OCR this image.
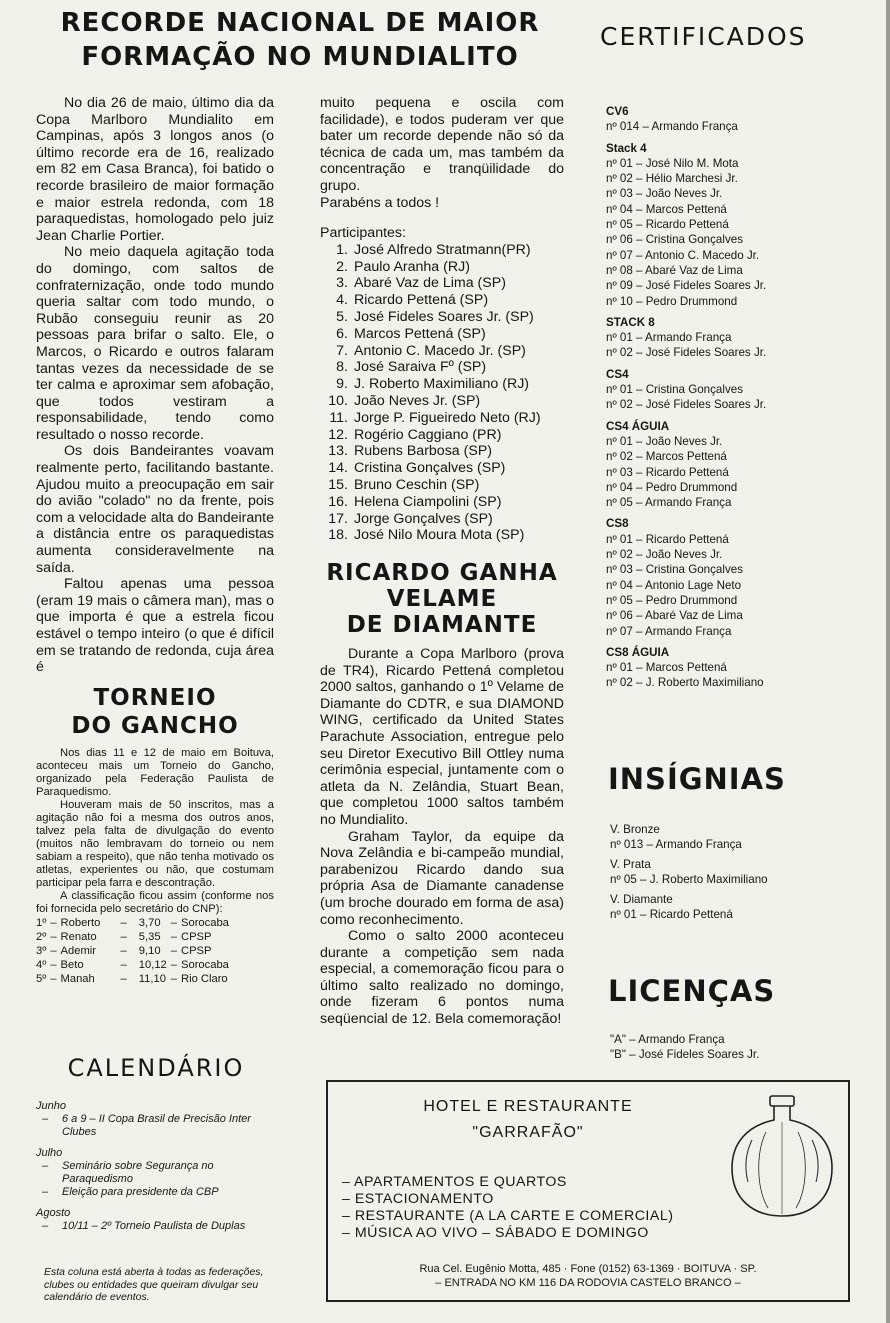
RECORDE NACIONAL DE MAIOR
FORMAÇÃO NO MUNDIALITO
CERTIFICADOS

No dia 26 de maio, último dia da Copa Marlboro Mundialito em Campinas, após 3 longos anos (o último recorde era de 16, realizado em 82 em Casa Branca), foi batido o recorde brasileiro de maior formação e maior estrela redonda, com 18 paraquedistas, homologado pelo juiz Jean Charlie Portier.

No meio daquela agitação toda do domingo, com saltos de confraternização, onde todo mundo queria saltar com todo mundo, o Rubão conseguiu reunir as 20 pessoas para brifar o salto. Ele, o Marcos, o Ricardo e outros falaram tantas vezes da necessidade de se ter calma e aproximar sem afobação, que todos vestiram a responsabilidade, tendo como resultado o nosso recorde.

Os dois Bandeirantes voavam realmente perto, facilitando bastante. Ajudou muito a preocupação em sair do avião "colado" no da frente, pois com a velocidade alta do Bandeirante a distância entre os paraquedistas aumenta consideravelmente na saída.

Faltou apenas uma pessoa (eram 19 mais o câmera man), mas o que importa é que a estrela ficou estável o tempo inteiro (o que é difícil em se tratando de redonda, cuja área é

TORNEIO
DO GANCHO

Nos dias 11 e 12 de maio em Boituva, aconteceu mais um Torneio do Gancho, organizado pela Federação Paulista de Paraquedismo.

Houveram mais de 50 inscritos, mas a agitação não foi a mesma dos outros anos, talvez pela falta de divulgação do evento (muitos não lembravam do torneio ou nem sabiam a respeito), que não tenha motivado os atletas, experientes ou não, que costumam participar pela farra e descontração.

A classificação ficou assim (conforme nos foi fornecida pelo secretário do CNP):

1º	–	Roberto	–	3,70	–	Sorocaba
2º	–	Renato	–	5,35	–	CPSP
3º	–	Ademir	–	9,10	–	CPSP
4º	–	Beto	–	10,12	–	Sorocaba
5º	–	Manah	–	11,10	–	Rio Claro
CALENDÁRIO
Junho
–	6 a 9 – II Copa Brasil de Precisão Inter Clubes
Julho
–	Seminário sobre Segurança no Paraquedismo
–	Eleição para presidente da CBP
Agosto
–	10/11 – 2º Torneio Paulista de Duplas
Esta coluna está aberta à todas as federações, clubes ou entidades que queiram divulgar seu calendário de eventos.

muito pequena e oscila com facilidade), e todos puderam ver que bater um recorde depende não só da técnica de cada um, mas também da concentração e tranqüilidade do grupo.

Parabéns a todos !

Participantes:

1. José Alfredo Stratmann(PR)
2. Paulo Aranha (RJ)
3. Abaré Vaz de Lima (SP)
4. Ricardo Pettená (SP)
5. José Fideles Soares Jr. (SP)
6. Marcos Pettená (SP)
7. Antonio C. Macedo Jr. (SP)
8. José Saraiva Fº (SP)
9. J. Roberto Maximiliano (RJ)
10. João Neves Jr. (SP)
11. Jorge P. Figueiredo Neto (RJ)
12. Rogério Caggiano (PR)
13. Rubens Barbosa (SP)
14. Cristina Gonçalves (SP)
15. Bruno Ceschin (SP)
16. Helena Ciampolini (SP)
17. Jorge Gonçalves (SP)
18. José Nilo Moura Mota (SP)
RICARDO GANHA
VELAME
DE DIAMANTE

Durante a Copa Marlboro (prova de TR4), Ricardo Pettená completou 2000 saltos, ganhando o 1º Velame de Diamante do CDTR, e sua DIAMOND WING, certificado da United States Parachute Association, entregue pelo seu Diretor Executivo Bill Ottley numa cerimônia especial, juntamente com o atleta da N. Zelândia, Stuart Bean, que completou 1000 saltos também no Mundialito.

Graham Taylor, da equipe da Nova Zelândia e bi-campeão mundial, parabenizou Ricardo dando sua própria Asa de Diamante canadense (um broche dourado em forma de asa) como reconhecimento.

Como o salto 2000 aconteceu durante a competição sem nada especial, a comemoração ficou para o último salto realizado no domingo, onde fizeram 6 pontos numa seqüencial de 12. Bela comemoração!

CV6
nº 014 – Armando França
Stack 4
nº 01 – José Nilo M. Mota
nº 02 – Hélio Marchesi Jr.
nº 03 – João Neves Jr.
nº 04 – Marcos Pettená
nº 05 – Ricardo Pettená
nº 06 – Cristina Gonçalves
nº 07 – Antonio C. Macedo Jr.
nº 08 – Abaré Vaz de Lima
nº 09 – José Fideles Soares Jr.
nº 10 – Pedro Drummond
STACK 8
nº 01 – Armando França
nº 02 – José Fideles Soares Jr.
CS4
nº 01 – Cristina Gonçalves
nº 02 – José Fideles Soares Jr.
CS4 ÁGUIA
nº 01 – João Neves Jr.
nº 02 – Marcos Pettená
nº 03 – Ricardo Pettená
nº 04 – Pedro Drummond
nº 05 – Armando França
CS8
nº 01 – Ricardo Pettená
nº 02 – João Neves Jr.
nº 03 – Cristina Gonçalves
nº 04 – Antonio Lage Neto
nº 05 – Pedro Drummond
nº 06 – Abaré Vaz de Lima
nº 07 – Armando França
CS8 ÁGUIA
nº 01 – Marcos Pettená
nº 02 – J. Roberto Maximiliano
INSÍGNIAS
V. Bronze
nº 013 – Armando França
V. Prata
nº 05 – J. Roberto Maximiliano
V. Diamante
nº 01 – Ricardo Pettená
LICENÇAS
"A" – Armando França
"B" – José Fideles Soares Jr.
HOTEL E RESTAURANTE
"GARRAFÃO"
– APARTAMENTOS E QUARTOS
– ESTACIONAMENTO
– RESTAURANTE (A LA CARTE E COMERCIAL)
– MÚSICA AO VIVO – SÁBADO E DOMINGO
Rua Cel. Eugênio Motta, 485 · Fone (0152) 63-1369 · BOITUVA · SP.
– ENTRADA NO KM 116 DA RODOVIA CASTELO BRANCO –
